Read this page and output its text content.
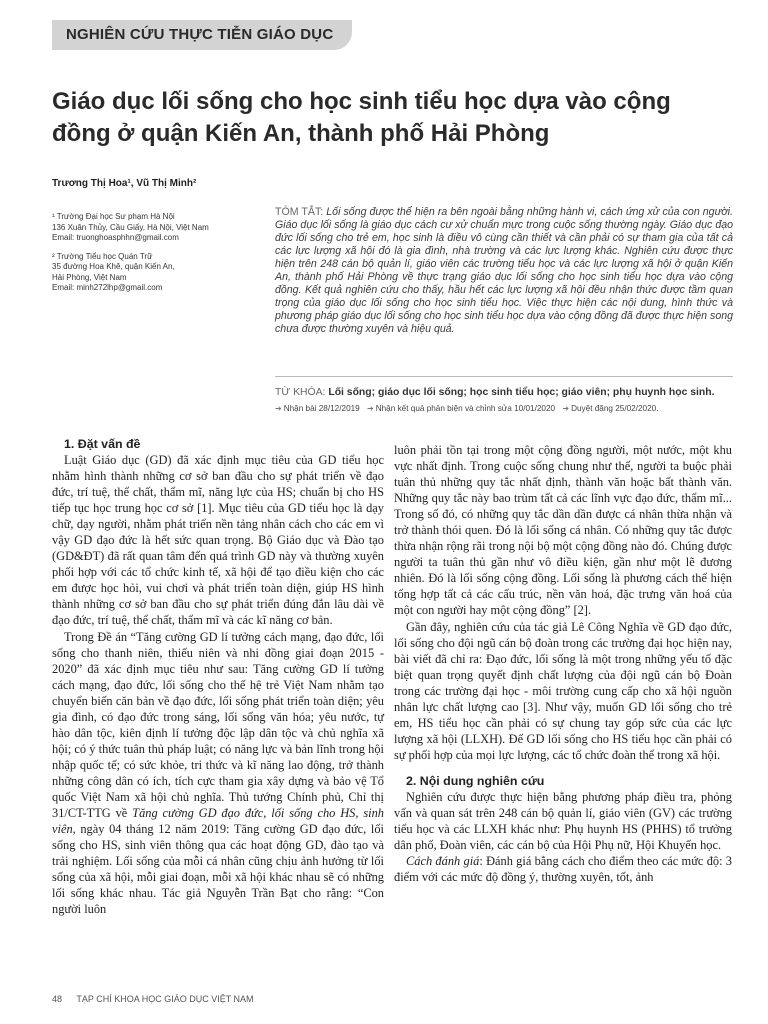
NGHIÊN CỨU THỰC TIỄN GIÁO DỤC
Giáo dục lối sống cho học sinh tiểu học dựa vào cộng đồng ở quận Kiến An, thành phố Hải Phòng
Trương Thị Hoa¹, Vũ Thị Minh²

¹ Trường Đại học Sư phạm Hà Nội

136 Xuân Thủy, Cầu Giấy, Hà Nội, Việt Nam

Email: truonghoasphhn@gmail.com

² Trường Tiểu học Quán Trữ

35 đường Hoa Khê, quận Kiến An,

Hải Phòng, Việt Nam

Email: minh272lhp@gmail.com

TÓM TẮT: Lối sống được thể hiện ra bên ngoài bằng những hành vi, cách ứng xử của con người. Giáo dục lối sống là giáo dục cách cư xử chuẩn mực trong cuộc sống thường ngày. Giáo dục đạo đức lối sống cho trẻ em, học sinh là điều vô cùng cần thiết và cần phải có sự tham gia của tất cả các lực lượng xã hội đó là gia đình, nhà trường và các lực lượng khác. Nghiên cứu được thực hiện trên 248 cán bộ quản lí, giáo viên các trường tiểu học và các lực lượng xã hội ở quận Kiến An, thành phố Hải Phòng về thực trạng giáo dục lối sống cho học sinh tiểu học dựa vào cộng đồng. Kết quả nghiên cứu cho thấy, hầu hết các lực lượng xã hội đều nhận thức được tầm quan trọng của giáo dục lối sống cho học sinh tiểu học. Việc thực hiện các nội dung, hình thức và phương pháp giáo dục lối sống cho học sinh tiểu học dựa vào cộng đồng đã được thực hiện song chưa được thường xuyên và hiệu quả.
TỪ KHÓA: Lối sống; giáo dục lối sống; học sinh tiểu học; giáo viên; phụ huynh học sinh.
➔ Nhận bài 28/12/2019 ➔ Nhận kết quả phản biện và chỉnh sửa 10/01/2020 ➔ Duyệt đăng 25/02/2020.
1. Đặt vấn đề

Luật Giáo dục (GD) đã xác định mục tiêu của GD tiểu học nhằm hình thành những cơ sở ban đầu cho sự phát triển về đạo đức, trí tuệ, thể chất, thẩm mĩ, năng lực của HS; chuẩn bị cho HS tiếp tục học trung học cơ sở [1]. Mục tiêu của GD tiểu học là dạy chữ, dạy người, nhằm phát triển nền tảng nhân cách cho các em vì vậy GD đạo đức là hết sức quan trọng. Bộ Giáo dục và Đào tạo (GD&ĐT) đã rất quan tâm đến quá trình GD này và thường xuyên phối hợp với các tổ chức kinh tế, xã hội để tạo điều kiện cho các em được học hỏi, vui chơi và phát triển toàn diện, giúp HS hình thành những cơ sở ban đầu cho sự phát triển đúng đắn lâu dài về đạo đức, trí tuệ, thể chất, thẩm mĩ và các kĩ năng cơ bản.

Trong Đề án “Tăng cường GD lí tưởng cách mạng, đạo đức, lối sống cho thanh niên, thiếu niên và nhi đồng giai đoạn 2015 - 2020” đã xác định mục tiêu như sau: Tăng cường GD lí tưởng cách mạng, đạo đức, lối sống cho thế hệ trẻ Việt Nam nhằm tạo chuyển biến căn bản về đạo đức, lối sống phát triển toàn diện; yêu gia đình, có đạo đức trong sáng, lối sống văn hóa; yêu nước, tự hào dân tộc, kiên định lí tưởng độc lập dân tộc và chủ nghĩa xã hội; có ý thức tuân thủ pháp luật; có năng lực và bản lĩnh trong hội nhập quốc tế; có sức khỏe, tri thức và kĩ năng lao động, trở thành những công dân có ích, tích cực tham gia xây dựng và bảo vệ Tổ quốc Việt Nam xã hội chủ nghĩa. Thủ tướng Chính phủ, Chỉ thị 31/CT-TTG về Tăng cường GD đạo đức, lối sống cho HS, sinh viên, ngày 04 tháng 12 năm 2019: Tăng cường GD đạo đức, lối sống cho HS, sinh viên thông qua các hoạt động GD, đào tạo và trải nghiệm. Lối sống của mỗi cá nhân cũng chịu ảnh hưởng từ lối sống của xã hội, mỗi giai đoạn, mỗi xã hội khác nhau sẽ có những lối sống khác nhau. Tác giả Nguyễn Trần Bạt cho rằng: “Con người luôn

luôn phải tồn tại trong một cộng đồng người, một nước, một khu vực nhất định. Trong cuộc sống chung như thế, người ta buộc phải tuân thủ những quy tắc nhất định, thành văn hoặc bất thành văn. Những quy tắc này bao trùm tất cả các lĩnh vực đạo đức, thẩm mĩ... Trong số đó, có những quy tắc dần dần được cá nhân thừa nhận và trở thành thói quen. Đó là lối sống cá nhân. Có những quy tắc được thừa nhận rộng rãi trong nội bộ một cộng đồng nào đó. Chúng được người ta tuân thủ gần như vô điều kiện, gần như một lẽ đương nhiên. Đó là lối sống cộng đồng. Lối sống là phương cách thể hiện tổng hợp tất cả các cấu trúc, nền văn hoá, đặc trưng văn hoá của một con người hay một cộng đồng” [2].

Gần đây, nghiên cứu của tác giả Lê Công Nghĩa về GD đạo đức, lối sống cho đội ngũ cán bộ đoàn trong các trường đại học hiện nay, bài viết đã chỉ ra: Đạo đức, lối sống là một trong những yếu tố đặc biệt quan trọng quyết định chất lượng của đội ngũ cán bộ Đoàn trong các trường đại học - môi trường cung cấp cho xã hội nguồn nhân lực chất lượng cao [3]. Như vậy, muốn GD lối sống cho trẻ em, HS tiểu học cần phải có sự chung tay góp sức của các lực lượng xã hội (LLXH). Để GD lối sống cho HS tiểu học cần phải có sự phối hợp của mọi lực lượng, các tổ chức đoàn thể trong xã hội.

2. Nội dung nghiên cứu

Nghiên cứu được thực hiện bằng phương pháp điều tra, phỏng vấn và quan sát trên 248 cán bộ quản lí, giáo viên (GV) các trường tiểu học và các LLXH khác như: Phụ huynh HS (PHHS) tổ trưởng dân phố, Đoàn viên, các cán bộ của Hội Phụ nữ, Hội Khuyến học.

Cách đánh giá: Đánh giá bằng cách cho điểm theo các mức độ: 3 điểm với các mức độ đồng ý, thường xuyên, tốt, ảnh

48 TẠP CHÍ KHOA HỌC GIÁO DỤC VIỆT NAM
